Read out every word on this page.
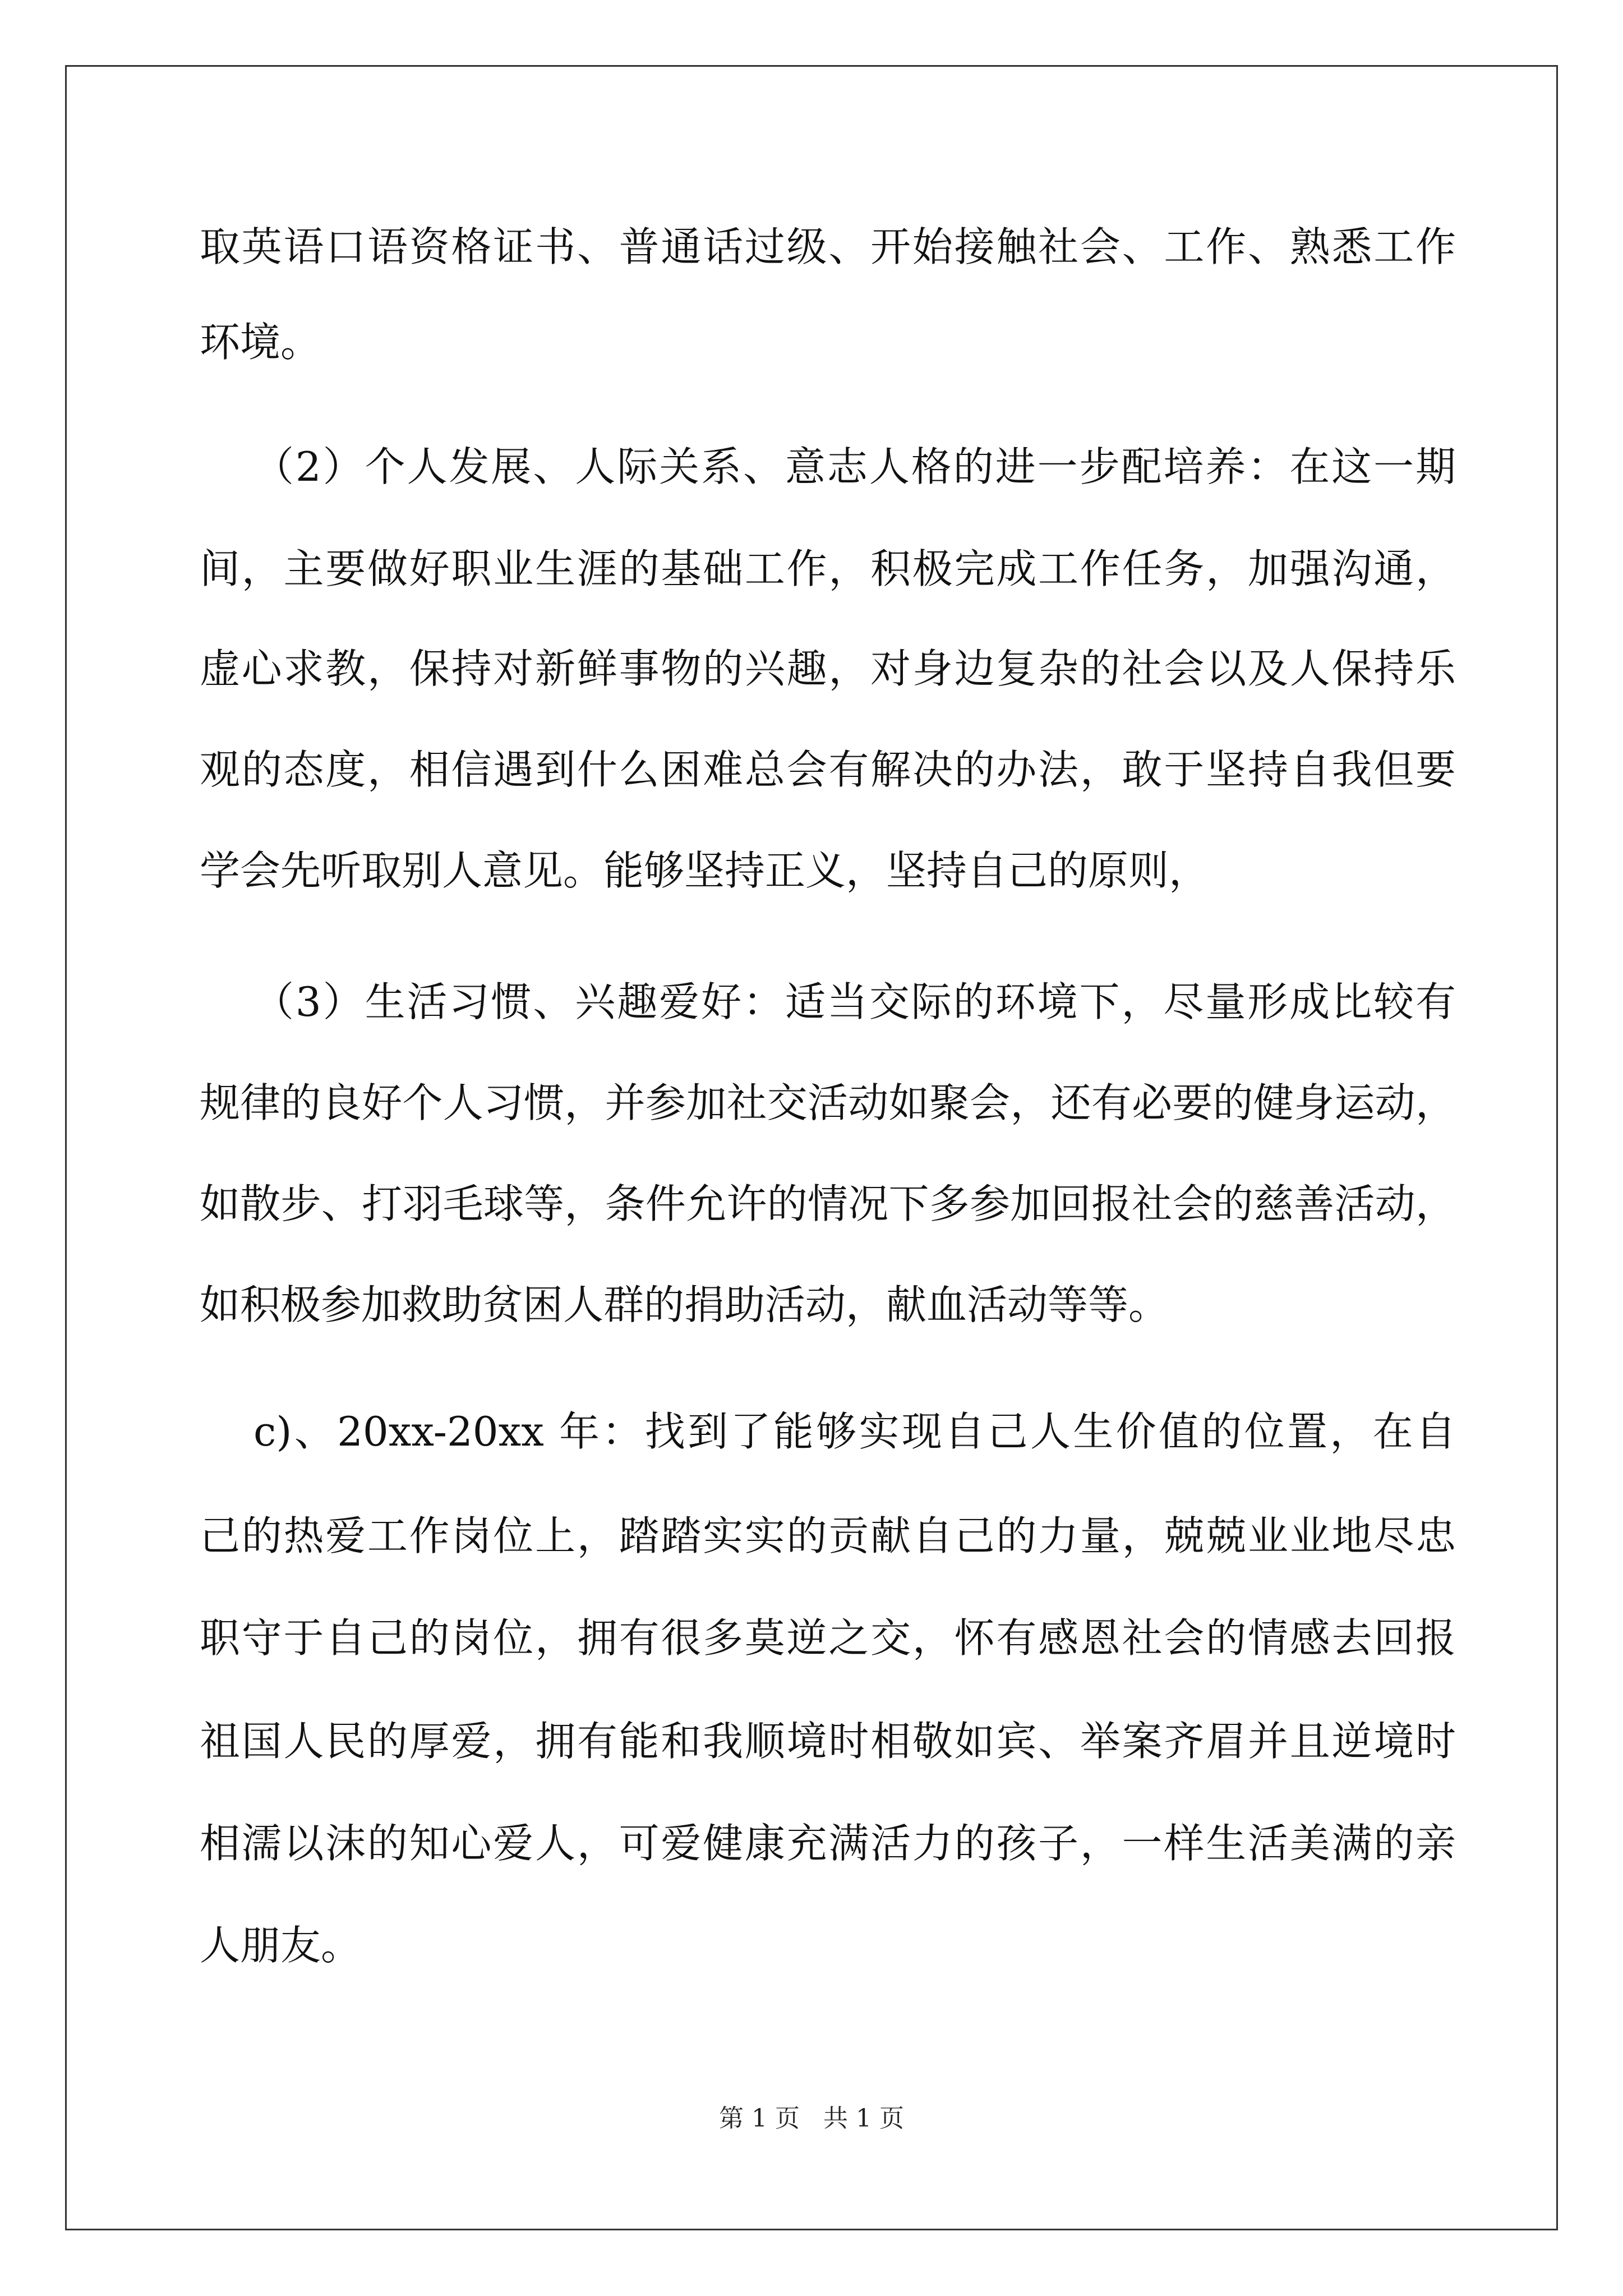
取英语口语资格证书、普通话过级、开始接触社会、工作、熟悉工作
环境。
（2）个人发展、人际关系、意志人格的进一步配培养：在这一期
间，主要做好职业生涯的基础工作，积极完成工作任务，加强沟通，
虚心求教，保持对新鲜事物的兴趣，对身边复杂的社会以及人保持乐
观的态度，相信遇到什么困难总会有解决的办法，敢于坚持自我但要
学会先听取别人意见。能够坚持正义，坚持自己的原则，
（3）生活习惯、兴趣爱好：适当交际的环境下，尽量形成比较有
规律的良好个人习惯，并参加社交活动如聚会，还有必要的健身运动，
如散步、打羽毛球等，条件允许的情况下多参加回报社会的慈善活动，
如积极参加救助贫困人群的捐助活动，献血活动等等。
c)、20xx-20xx 年：找到了能够实现自己人生价值的位置，在自
己的热爱工作岗位上，踏踏实实的贡献自己的力量，兢兢业业地尽忠
职守于自己的岗位，拥有很多莫逆之交，怀有感恩社会的情感去回报
祖国人民的厚爱，拥有能和我顺境时相敬如宾、举案齐眉并且逆境时
相濡以沫的知心爱人，可爱健康充满活力的孩子，一样生活美满的亲
人朋友。
第 1 页   共 1 页
